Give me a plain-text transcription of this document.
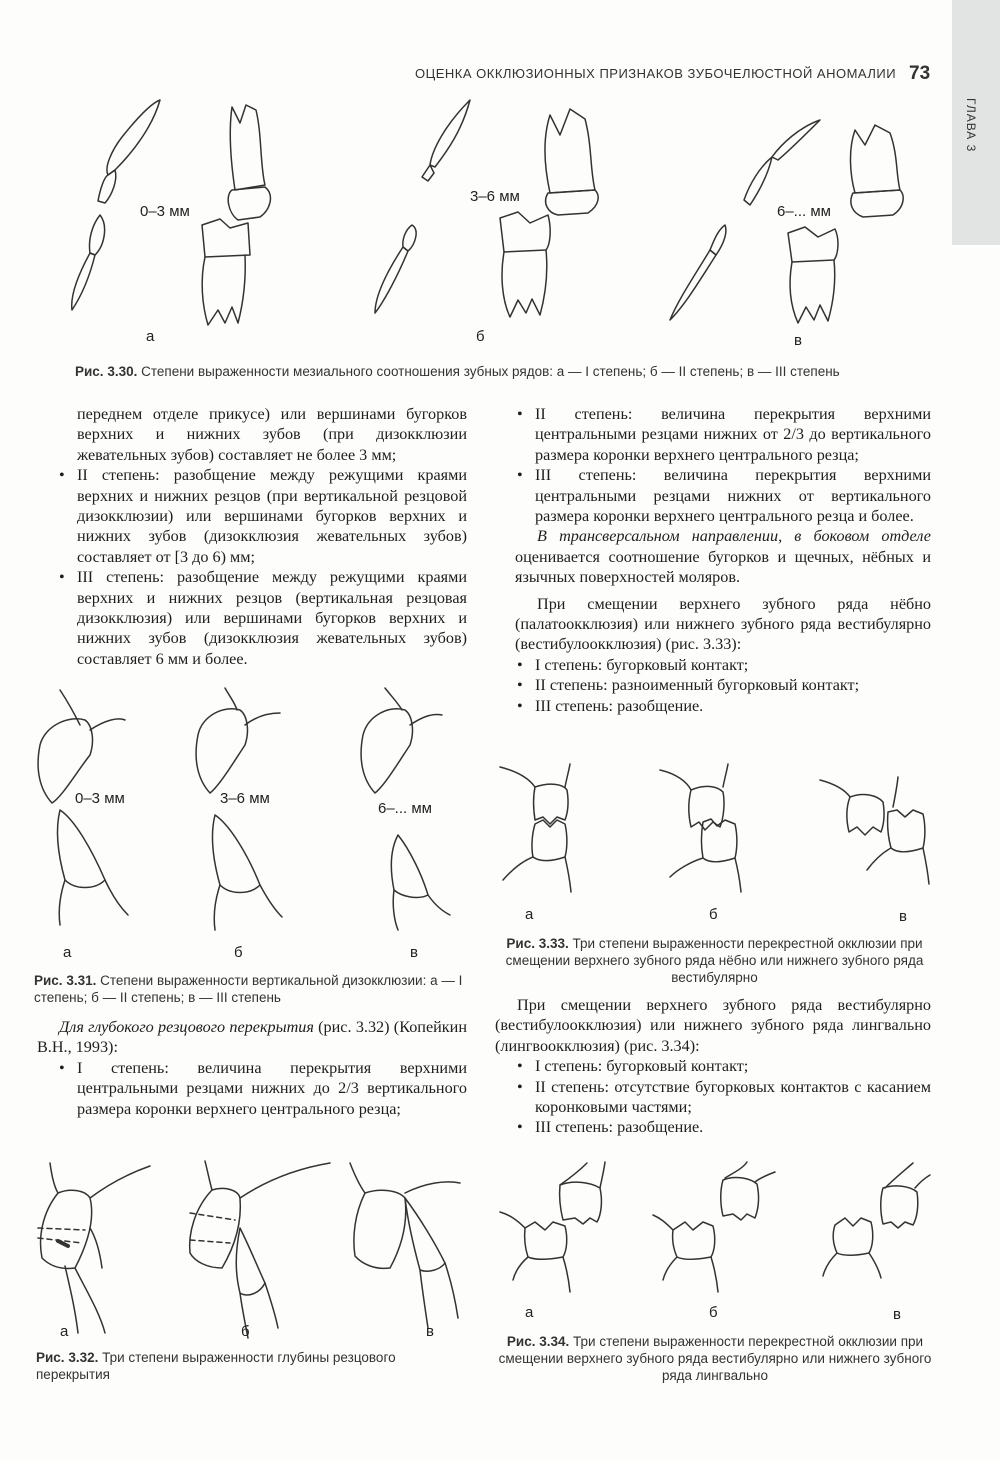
ОЦЕНКА ОККЛЮЗИОННЫХ ПРИЗНАКОВ ЗУБОЧЕЛЮСТНОЙ АНОМАЛИИ 73
ГЛАВА 3
0–3 мм
а
3–6 мм
б
6–... мм
в
Рис. 3.30. Степени выраженности мезиального соотношения зубных рядов: а — I степень; б — II степень; в — III степень

переднем отделе прикусе) или вершинами бугорков верхних и нижних зубов (при дизокклюзии жевательных зубов) составляет не более 3 мм;

• II степень: разобщение между режущими краями верхних и нижних резцов (при вертикальной резцовой дизокклюзии) или вершинами бугорков верхних и нижних зубов (дизокклюзия жевательных зубов) составляет от [3 до 6) мм;
• III степень: разобщение между режущими краями верхних и нижних резцов (вертикальная резцовая дизокклюзия) или вершинами бугорков верхних и нижних зубов (дизокклюзия жевательных зубов) составляет 6 мм и более.
0–3 мм
а
3–6 мм
б
6–... мм
в
Рис. 3.31. Степени выраженности вертикальной дизокклюзии: а — I степень; б — II степень; в — III степень

Для глубокого резцового перекрытия (рис. 3.32) (Копейкин В.Н., 1993):

• I степень: величина перекрытия верхними центральными резцами нижних до 2/3 вертикального размера коронки верхнего центрального резца;
а	б	в
Рис. 3.32. Три степени выраженности глубины резцового перекрытия
• II степень: величина перекрытия верхними центральными резцами нижних от 2/3 до вертикального размера коронки верхнего центрального резца;
• III степень: величина перекрытия верхними центральными резцами нижних от вертикального размера коронки верхнего центрального резца и более.

В трансверсальном направлении, в боковом отделе оценивается соотношение бугорков и щечных, нёбных и язычных поверхностей моляров.

При смещении верхнего зубного ряда нёбно (палатоокклюзия) или нижнего зубного ряда вестибулярно (вестибулоокклюзия) (рис. 3.33):

• I степень: бугорковый контакт;
• II степень: разноименный бугорковый контакт;
• III степень: разобщение.
а	б	в
Рис. 3.33. Три степени выраженности перекрестной окклюзии при смещении верхнего зубного ряда нёбно или нижнего зубного ряда вестибулярно

При смещении верхнего зубного ряда вестибулярно (вестибулоокклюзия) или нижнего зубного ряда лингвально (лингвоокклюзия) (рис. 3.34):

• I степень: бугорковый контакт;
• II степень: отсутствие бугорковых контактов с касанием коронковыми частями;
• III степень: разобщение.
а	б	в
Рис. 3.34. Три степени выраженности перекрестной окклюзии при смещении верхнего зубного ряда вестибулярно или нижнего зубного ряда лингвально
